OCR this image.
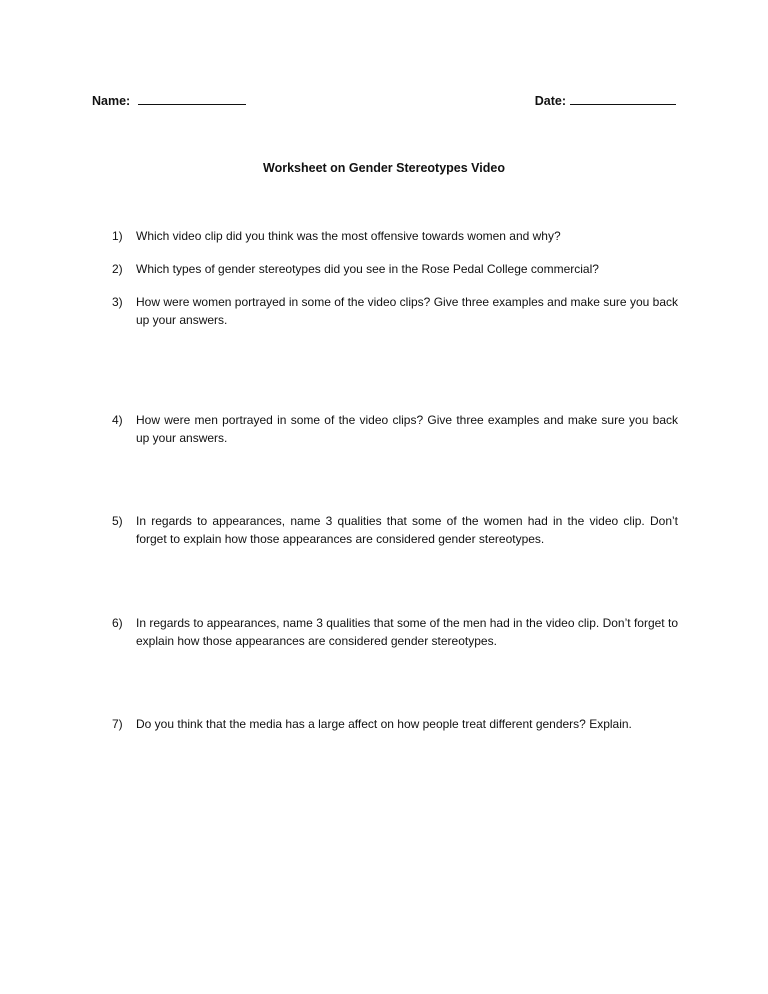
Name:	Date:
Worksheet on Gender Stereotypes Video
1)	Which video clip did you think was the most offensive towards women and why?
2)	Which types of gender stereotypes did you see in the Rose Pedal College commercial?
3)	How were women portrayed in some of the video clips? Give three examples and make sure you back up your answers.
4)	How were men portrayed in some of the video clips? Give three examples and make sure you back up your answers.
5)	In regards to appearances, name 3 qualities that some of the women had in the video clip. Don’t forget to explain how those appearances are considered gender stereotypes.
6)	In regards to appearances, name 3 qualities that some of the men had in the video clip. Don’t forget to explain how those appearances are considered gender stereotypes.
7)	Do you think that the media has a large affect on how people treat different genders? Explain.
